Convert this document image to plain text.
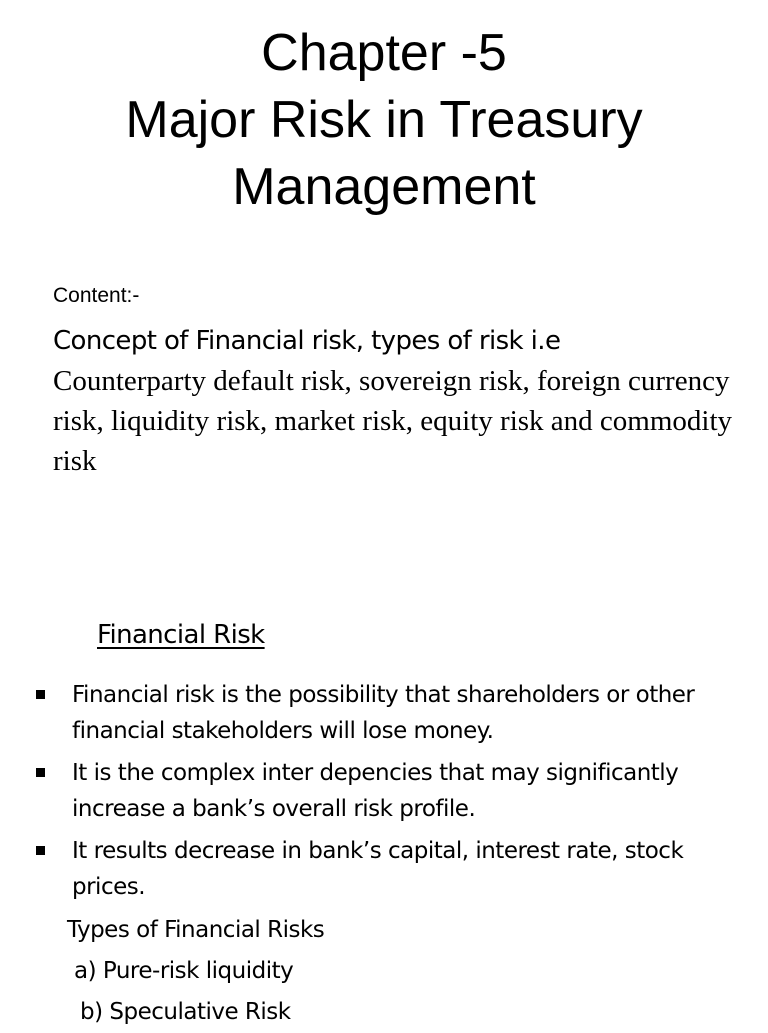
Chapter -5
Major Risk in Treasury
Management
Content:-
Concept of Financial risk, types of risk i.e
Counterparty default risk, sovereign risk, foreign currency risk, liquidity risk, market risk, equity risk and commodity risk
Financial Risk
Financial risk is the possibility that shareholders or other financial stakeholders will lose money.
It is the complex inter depencies that may significantly increase a bank’s overall risk profile.
It results decrease in bank’s capital, interest rate, stock prices.
Types of Financial Risks
a) Pure-risk liquidity
b) Speculative Risk
